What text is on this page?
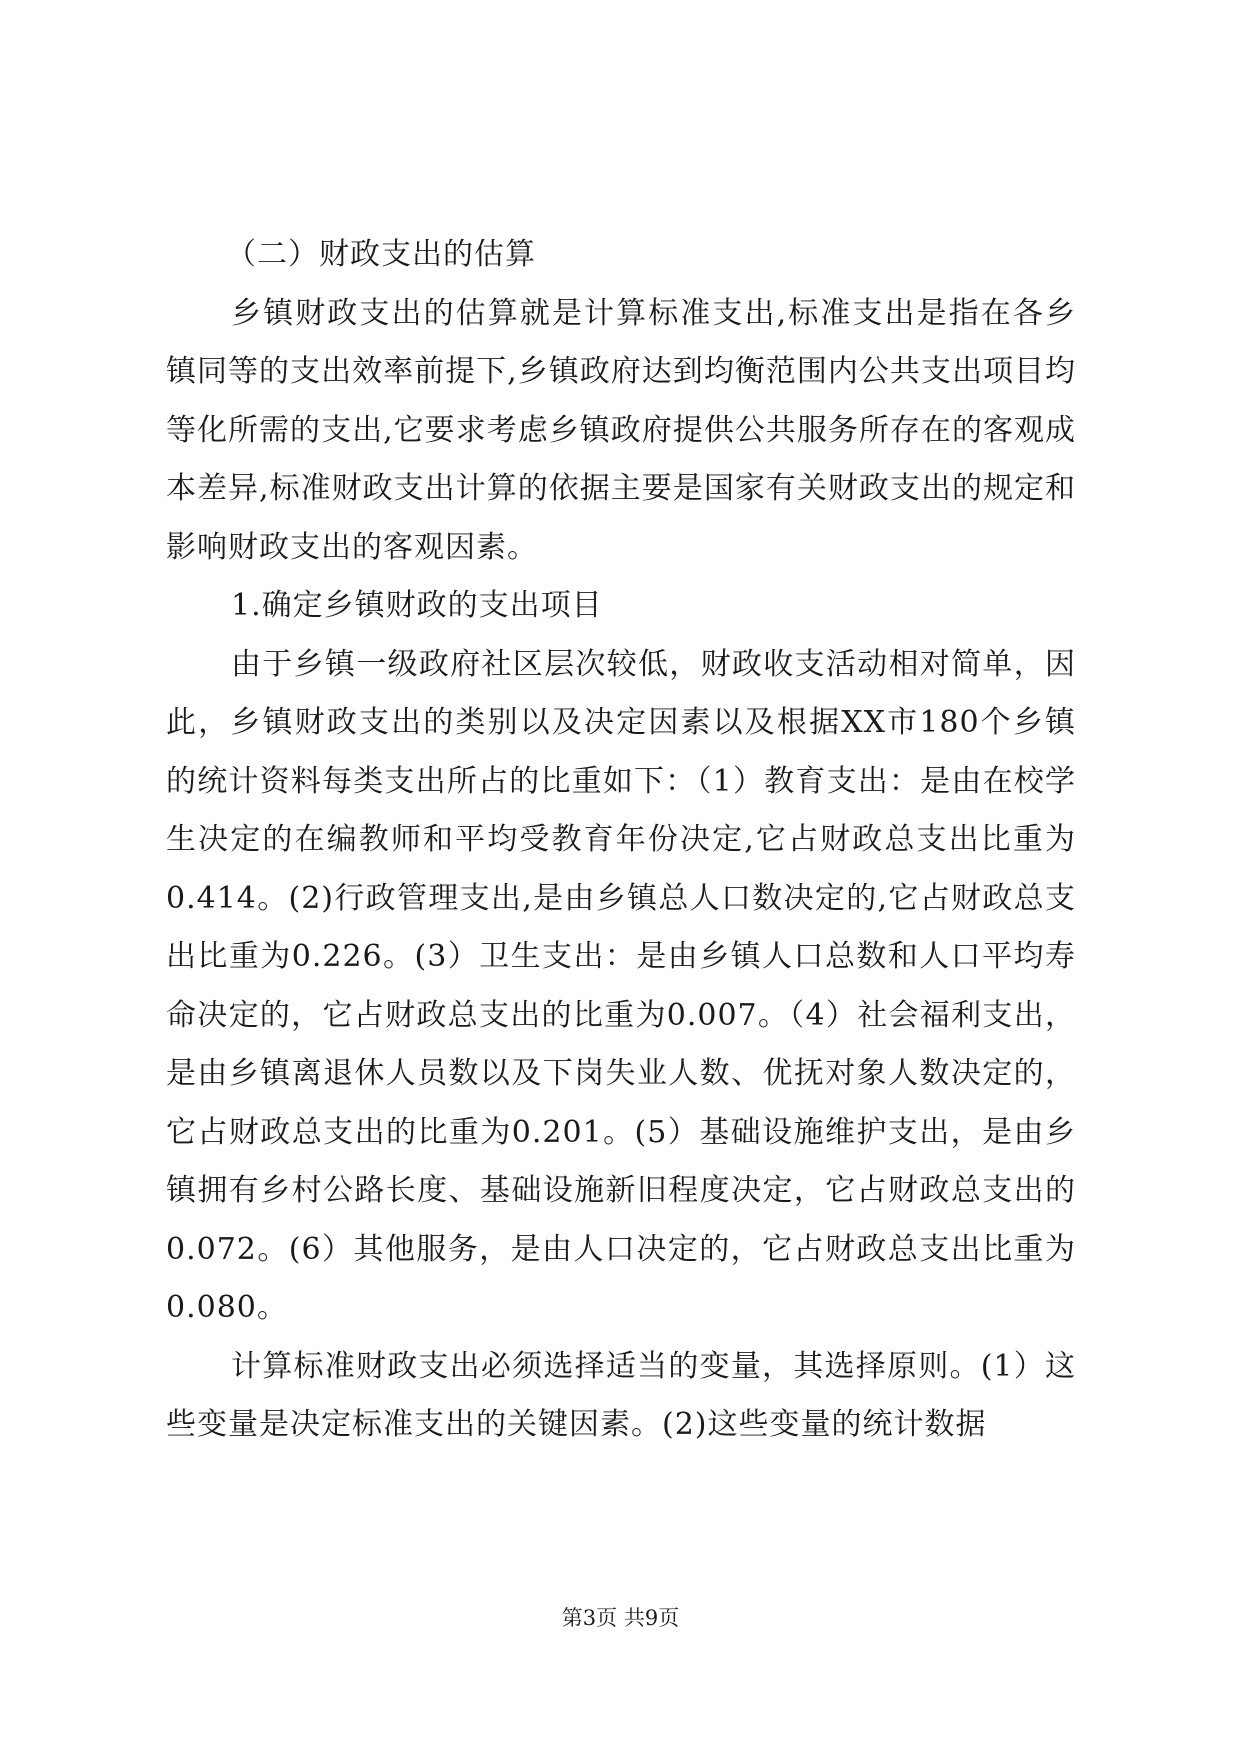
（二）财政支出的估算

乡镇财政支出的估算就是计算标准支出,标准支出是指在各乡镇同等的支出效率前提下,乡镇政府达到均衡范围内公共支出项目均等化所需的支出,它要求考虑乡镇政府提供公共服务所存在的客观成本差异,标准财政支出计算的依据主要是国家有关财政支出的规定和影响财政支出的客观因素。

1.确定乡镇财政的支出项目

由于乡镇一级政府社区层次较低，财政收支活动相对简单，因此，乡镇财政支出的类别以及决定因素以及根据XX市180个乡镇的统计资料每类支出所占的比重如下：（1）教育支出：是由在校学生决定的在编教师和平均受教育年份决定,它占财政总支出比重为0.414。(2)行政管理支出,是由乡镇总人口数决定的,它占财政总支出比重为0.226。(3）卫生支出：是由乡镇人口总数和人口平均寿命决定的，它占财政总支出的比重为0.007。（4）社会福利支出，是由乡镇离退休人员数以及下岗失业人数、优抚对象人数决定的，它占财政总支出的比重为0.201。(5）基础设施维护支出，是由乡镇拥有乡村公路长度、基础设施新旧程度决定，它占财政总支出的0.072。(6）其他服务，是由人口决定的，它占财政总支出比重为0.080。

计算标准财政支出必须选择适当的变量，其选择原则。(1）这些变量是决定标准支出的关键因素。(2)这些变量的统计数据

第3页 共9页
